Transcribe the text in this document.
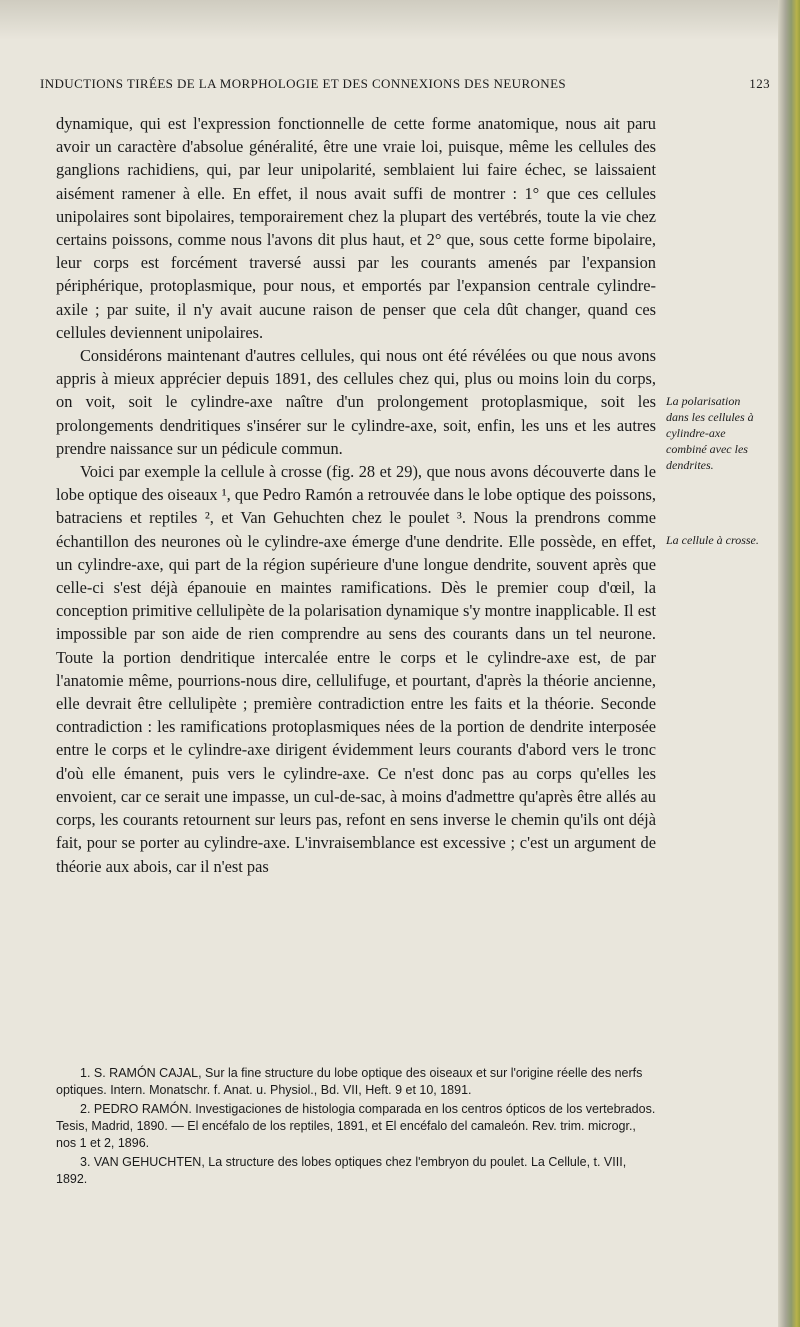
INDUCTIONS TIRÉES DE LA MORPHOLOGIE ET DES CONNEXIONS DES NEURONES	123

dynamique, qui est l'expression fonctionnelle de cette forme anatomique, nous ait paru avoir un caractère d'absolue généralité, être une vraie loi, puisque, même les cellules des ganglions rachidiens, qui, par leur unipolarité, semblaient lui faire échec, se laissaient aisément ramener à elle. En effet, il nous avait suffi de montrer : 1° que ces cellules unipolaires sont bipolaires, temporairement chez la plupart des vertébrés, toute la vie chez certains poissons, comme nous l'avons dit plus haut, et 2° que, sous cette forme bipolaire, leur corps est forcément traversé aussi par les courants amenés par l'expansion périphérique, protoplasmique, pour nous, et emportés par l'expansion centrale cylindre-axile ; par suite, il n'y avait aucune raison de penser que cela dût changer, quand ces cellules deviennent unipolaires.

Considérons maintenant d'autres cellules, qui nous ont été révélées ou que nous avons appris à mieux apprécier depuis 1891, des cellules chez qui, plus ou moins loin du corps, on voit, soit le cylindre-axe naître d'un prolongement protoplasmique, soit les prolongements dendritiques s'insérer sur le cylindre-axe, soit, enfin, les uns et les autres prendre naissance sur un pédicule commun.

Voici par exemple la cellule à crosse (fig. 28 et 29), que nous avons découverte dans le lobe optique des oiseaux ¹, que Pedro Ramón a retrouvée dans le lobe optique des poissons, batraciens et reptiles ², et Van Gehuchten chez le poulet ³. Nous la prendrons comme échantillon des neurones où le cylindre-axe émerge d'une dendrite. Elle possède, en effet, un cylindre-axe, qui part de la région supérieure d'une longue dendrite, souvent après que celle-ci s'est déjà épanouie en maintes ramifications. Dès le premier coup d'œil, la conception primitive cellulipète de la polarisation dynamique s'y montre inapplicable. Il est impossible par son aide de rien comprendre au sens des courants dans un tel neurone. Toute la portion dendritique intercalée entre le corps et le cylindre-axe est, de par l'anatomie même, pourrions-nous dire, cellulifuge, et pourtant, d'après la théorie ancienne, elle devrait être cellulipète ; première contradiction entre les faits et la théorie. Seconde contradiction : les ramifications protoplasmiques nées de la portion de dendrite interposée entre le corps et le cylindre-axe dirigent évidemment leurs courants d'abord vers le tronc d'où elle émanent, puis vers le cylindre-axe. Ce n'est donc pas au corps qu'elles les envoient, car ce serait une impasse, un cul-de-sac, à moins d'admettre qu'après être allés au corps, les courants retournent sur leurs pas, refont en sens inverse le chemin qu'ils ont déjà fait, pour se porter au cylindre-axe. L'invraisemblance est excessive ; c'est un argument de théorie aux abois, car il n'est pas

La polarisation dans les cellules à cylindre-axe combiné avec les dendrites.
La cellule à crosse.

1. S. RAMÓN CAJAL, Sur la fine structure du lobe optique des oiseaux et sur l'origine réelle des nerfs optiques. Intern. Monatschr. f. Anat. u. Physiol., Bd. VII, Heft. 9 et 10, 1891.

2. PEDRO RAMÓN. Investigaciones de histologia comparada en los centros ópticos de los vertebrados. Tesis, Madrid, 1890. — El encéfalo de los reptiles, 1891, et El encéfalo del camaleón. Rev. trim. microgr., nos 1 et 2, 1896.

3. VAN GEHUCHTEN, La structure des lobes optiques chez l'embryon du poulet. La Cellule, t. VIII, 1892.
